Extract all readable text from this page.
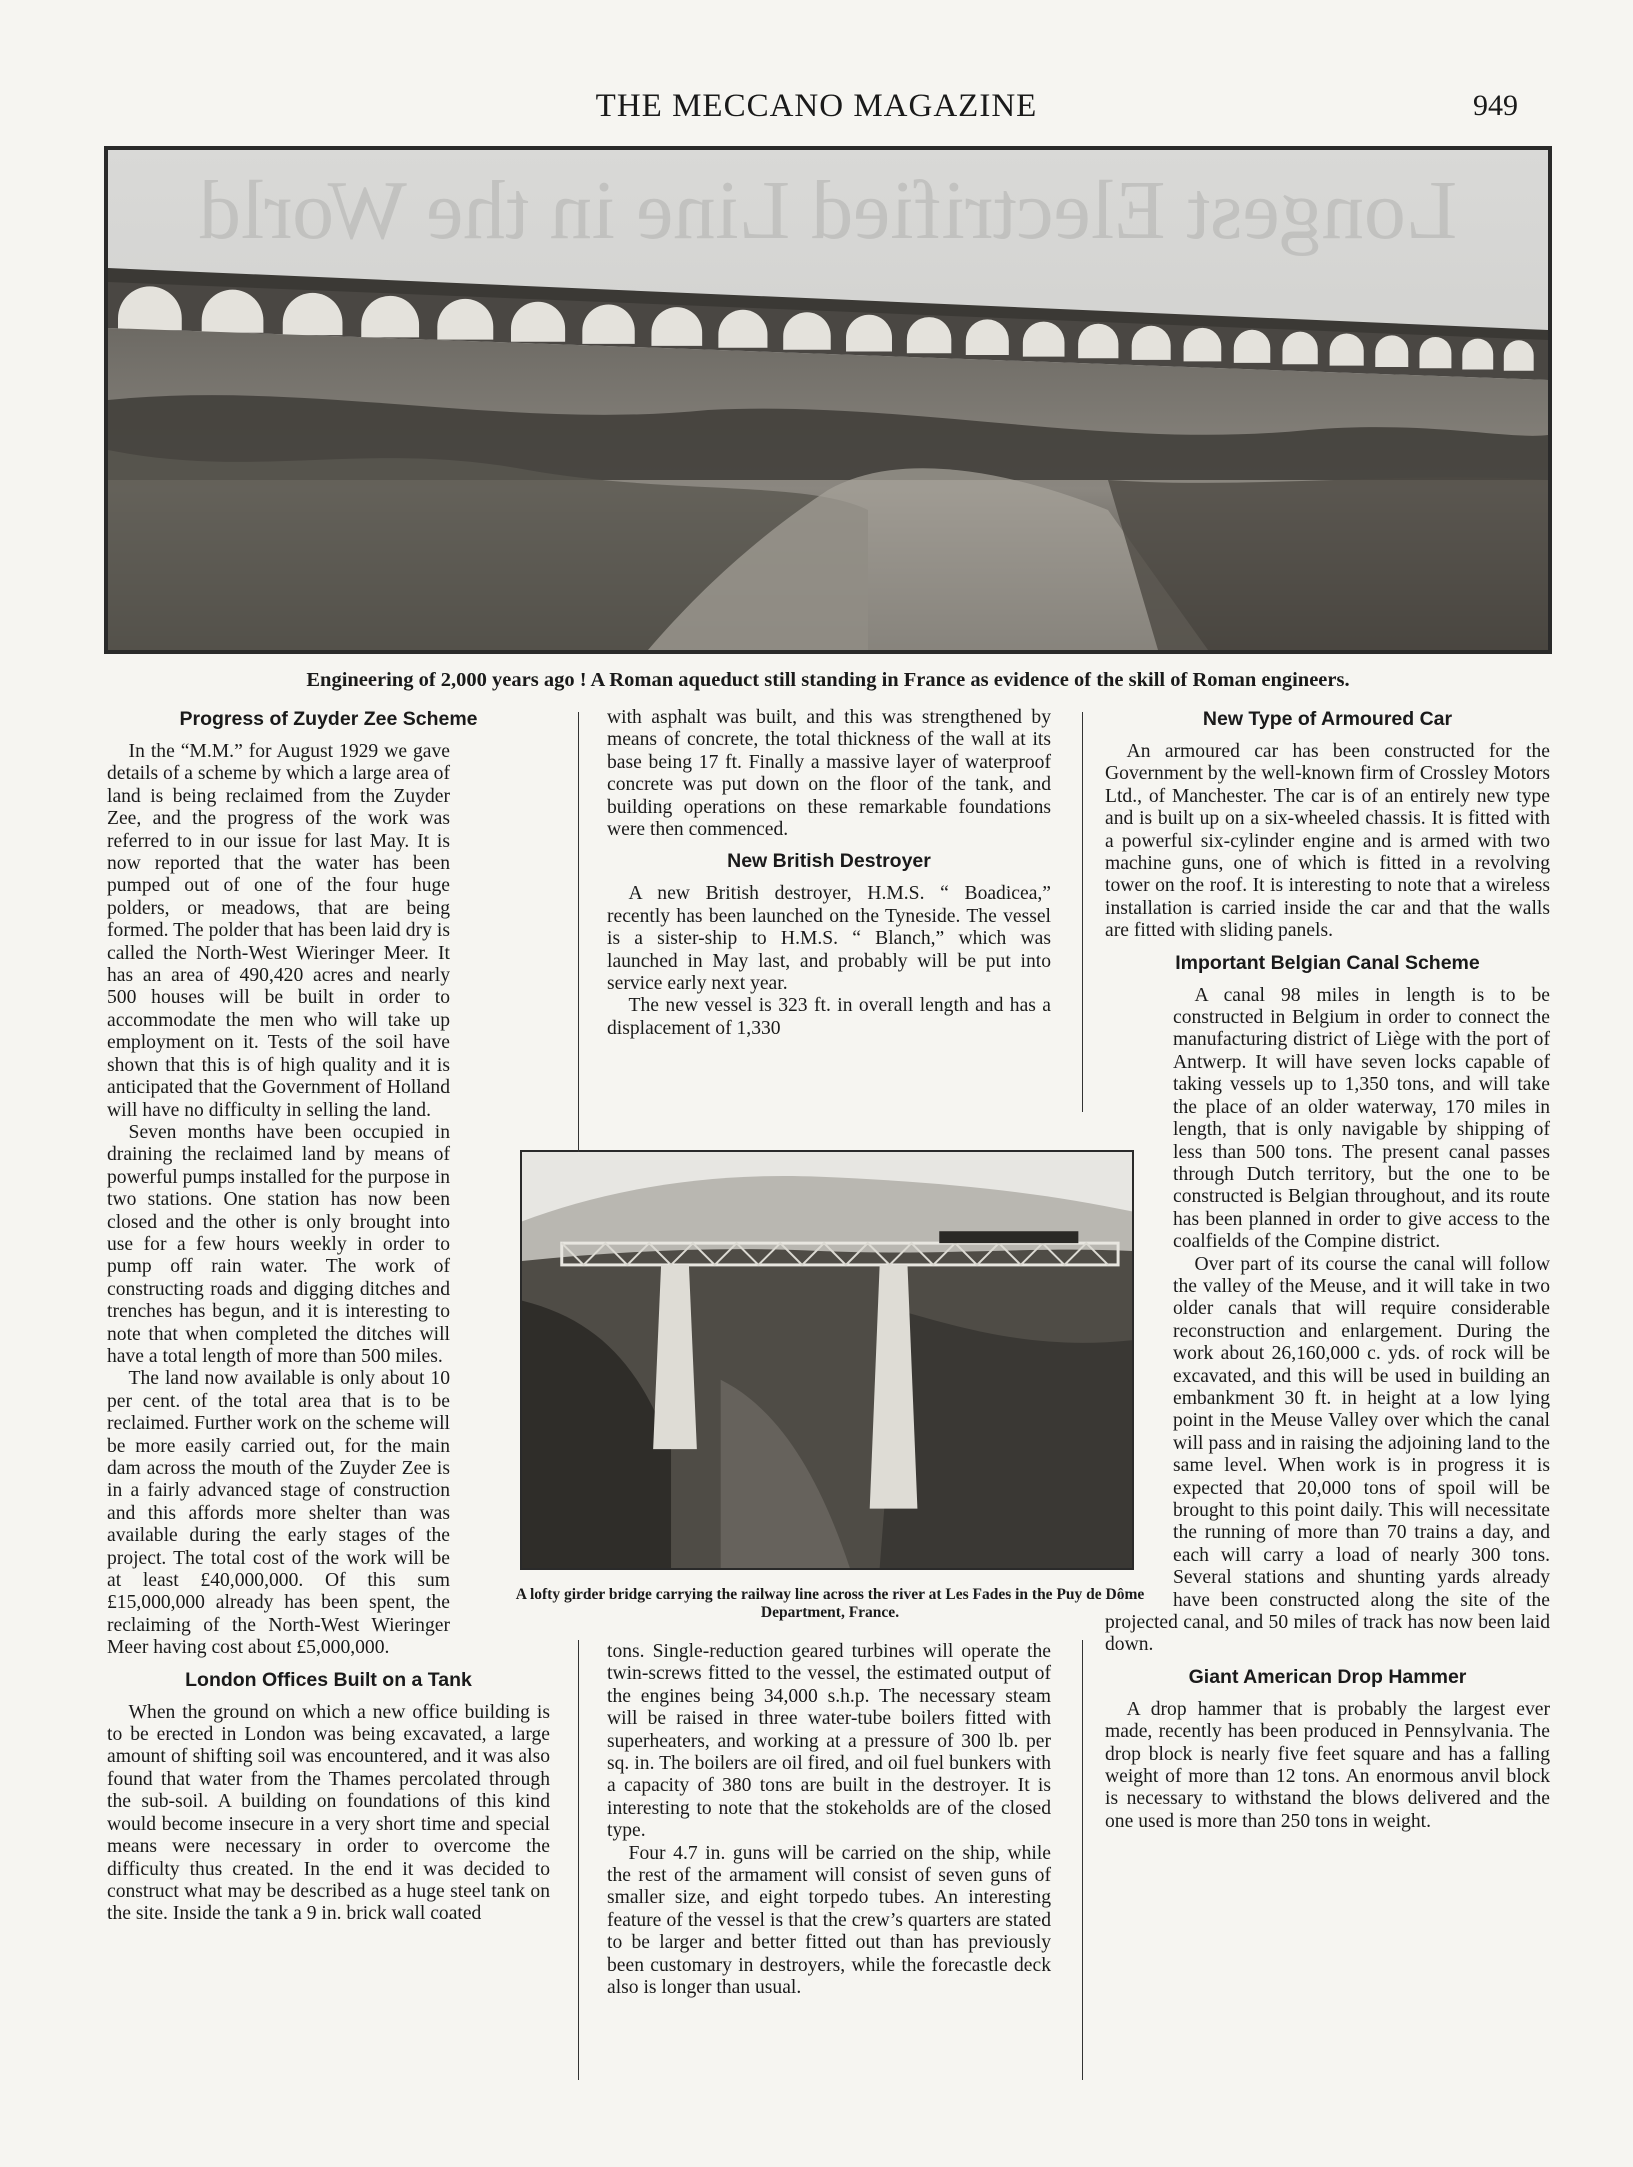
THE MECCANO MAGAZINE	949
Longest Electrified Line in the World
Engineering of 2,000 years ago ! A Roman aqueduct still standing in France as evidence of the skill of Roman engineers.
A lofty girder bridge carrying the railway line across the river at Les Fades in the Puy de Dôme Department, France.
Progress of Zuyder Zee Scheme

In the “M.M.” for August 1929 we gave details of a scheme by which a large area of land is being reclaimed from the Zuyder Zee, and the progress of the work was referred to in our issue for last May. It is now reported that the water has been pumped out of one of the four huge polders, or meadows, that are being formed. The polder that has been laid dry is called the North-West Wieringer Meer. It has an area of 490,420 acres and nearly 500 houses will be built in order to accommodate the men who will take up employment on it. Tests of the soil have shown that this is of high quality and it is anticipated that the Government of Holland will have no difficulty in selling the land.

Seven months have been occupied in draining the reclaimed land by means of powerful pumps installed for the purpose in two stations. One station has now been closed and the other is only brought into use for a few hours weekly in order to pump off rain water. The work of constructing roads and digging ditches and trenches has begun, and it is interesting to note that when completed the ditches will have a total length of more than 500 miles.

The land now available is only about 10 per cent. of the total area that is to be reclaimed. Further work on the scheme will be more easily carried out, for the main dam across the mouth of the Zuyder Zee is in a fairly advanced stage of construction and this affords more shelter than was available during the early stages of the project. The total cost of the work will be at least £40,000,000. Of this sum £15,000,000 already has been spent, the reclaiming of the North-West Wieringer Meer having cost about £5,000,000.

London Offices Built on a Tank

When the ground on which a new office building is to be erected in London was being excavated, a large amount of shifting soil was encountered, and it was also found that water from the Thames percolated through the sub-soil. A building on foundations of this kind would become insecure in a very short time and special means were necessary in order to overcome the difficulty thus created. In the end it was decided to construct what may be described as a huge steel tank on the site. Inside the tank a 9 in. brick wall coated

with asphalt was built, and this was strengthened by means of concrete, the total thickness of the wall at its base being 17 ft. Finally a massive layer of waterproof concrete was put down on the floor of the tank, and building operations on these remarkable foundations were then commenced.

New British Destroyer

A new British destroyer, H.M.S. “ Boadicea,” recently has been launched on the Tyneside. The vessel is a sister-ship to H.M.S. “ Blanch,” which was launched in May last, and probably will be put into service early next year.

The new vessel is 323 ft. in overall length and has a displacement of 1,330

tons. Single-reduction geared turbines will operate the twin-screws fitted to the vessel, the estimated output of the engines being 34,000 s.h.p. The necessary steam will be raised in three water-tube boilers fitted with superheaters, and working at a pressure of 300 lb. per sq. in. The boilers are oil fired, and oil fuel bunkers with a capacity of 380 tons are built in the destroyer. It is interesting to note that the stokeholds are of the closed type.

Four 4.7 in. guns will be carried on the ship, while the rest of the armament will consist of seven guns of smaller size, and eight torpedo tubes. An interesting feature of the vessel is that the crew’s quarters are stated to be larger and better fitted out than has previously been customary in destroyers, while the forecastle deck also is longer than usual.

New Type of Armoured Car

An armoured car has been constructed for the Government by the well-known firm of Crossley Motors Ltd., of Manchester. The car is of an entirely new type and is built up on a six-wheeled chassis. It is fitted with a powerful six-cylinder engine and is armed with two machine guns, one of which is fitted in a revolving tower on the roof. It is interesting to note that a wireless installation is carried inside the car and that the walls are fitted with sliding panels.

Important Belgian Canal Scheme

A canal 98 miles in length is to be constructed in Belgium in order to connect the manufacturing district of Liège with the port of Antwerp. It will have seven locks capable of taking vessels up to 1,350 tons, and will take the place of an older waterway, 170 miles in length, that is only navigable by shipping of less than 500 tons. The present canal passes through Dutch territory, but the one to be constructed is Belgian throughout, and its route has been planned in order to give access to the coalfields of the Compine district.

Over part of its course the canal will follow the valley of the Meuse, and it will take in two older canals that will require considerable reconstruction and enlargement. During the work about 26,160,000 c. yds. of rock will be excavated, and this will be used in building an embankment 30 ft. in height at a low lying point in the Meuse Valley over which the canal will pass and in raising the adjoining land to the same level. When work is in progress it is expected that 20,000 tons of spoil will be brought to this point daily. This will necessitate the running of more than 70 trains a day, and each will carry a load of nearly 300 tons. Several stations and shunting yards already have been constructed along the site of the projected canal, and 50 miles of track has now been laid down.

Giant American Drop Hammer

A drop hammer that is probably the largest ever made, recently has been produced in Pennsylvania. The drop block is nearly five feet square and has a falling weight of more than 12 tons. An enormous anvil block is necessary to withstand the blows delivered and the one used is more than 250 tons in weight.
